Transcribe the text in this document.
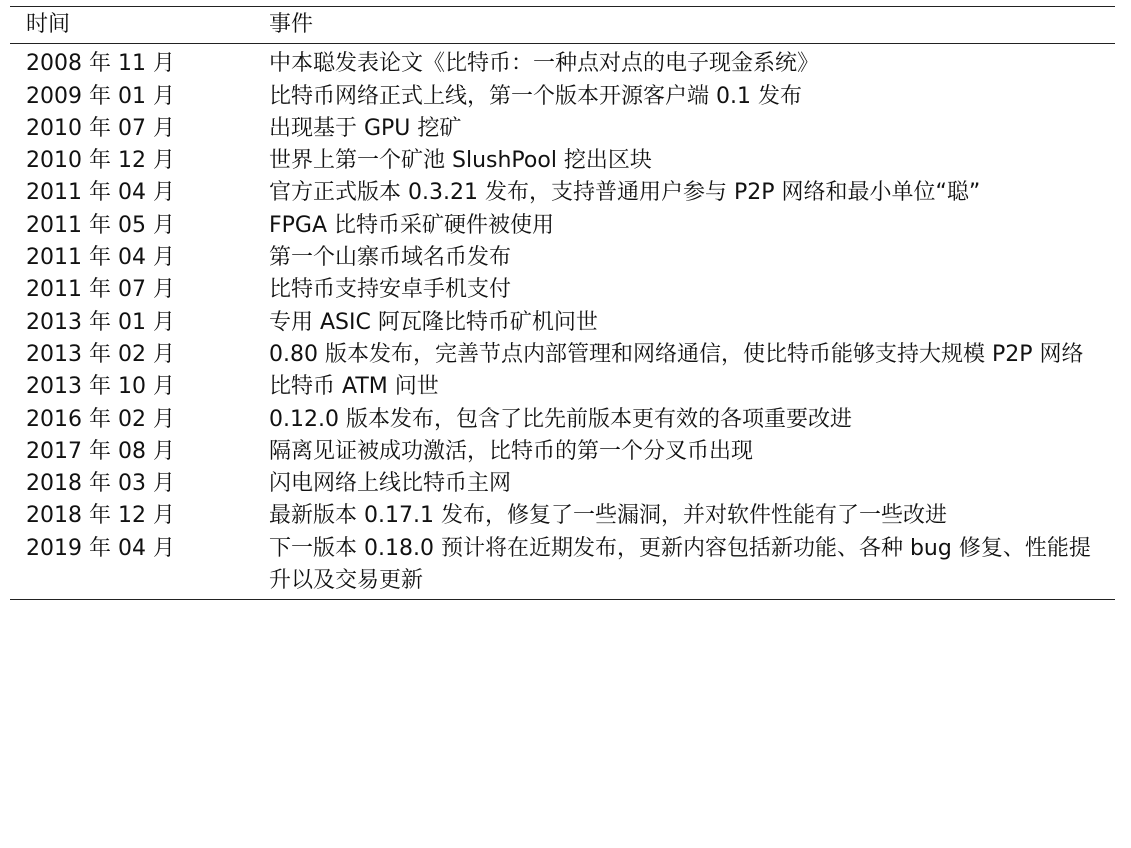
时间	事件
2008 年 11 月	中本聪发表论文《比特币：一种点对点的电子现金系统》
2009 年 01 月	比特币网络正式上线，第一个版本开源客户端 0.1 发布
2010 年 07 月	出现基于 GPU 挖矿
2010 年 12 月	世界上第一个矿池 SlushPool 挖出区块
2011 年 04 月	官方正式版本 0.3.21 发布，支持普通用户参与 P2P 网络和最小单位“聪”
2011 年 05 月	FPGA 比特币采矿硬件被使用
2011 年 04 月	第一个山寨币域名币发布
2011 年 07 月	比特币支持安卓手机支付
2013 年 01 月	专用 ASIC 阿瓦隆比特币矿机问世
2013 年 02 月	0.80 版本发布，完善节点内部管理和网络通信，使比特币能够支持大规模 P2P 网络
2013 年 10 月	比特币 ATM 问世
2016 年 02 月	0.12.0 版本发布，包含了比先前版本更有效的各项重要改进
2017 年 08 月	隔离见证被成功激活，比特币的第一个分叉币出现
2018 年 03 月	闪电网络上线比特币主网
2018 年 12 月	最新版本 0.17.1 发布，修复了一些漏洞，并对软件性能有了一些改进
2019 年 04 月	下一版本 0.18.0 预计将在近期发布，更新内容包括新功能、各种 bug 修复、性能提升以及交易更新
